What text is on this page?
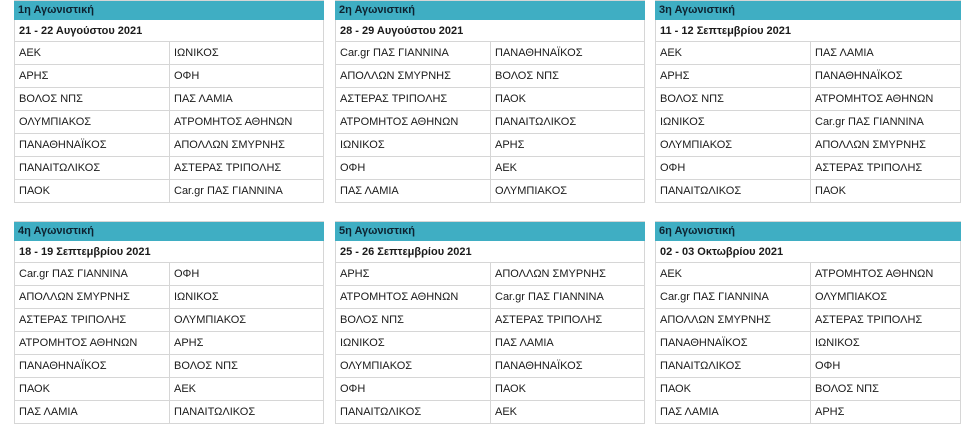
1η Αγωνιστική
21 - 22 Αυγούστου 2021
ΑΕΚ	ΙΩΝΙΚΟΣ
ΑΡΗΣ	ΟΦΗ
ΒΟΛΟΣ ΝΠΣ	ΠΑΣ ΛΑΜΙΑ
ΟΛΥΜΠΙΑΚΟΣ	ΑΤΡΟΜΗΤΟΣ ΑΘΗΝΩΝ
ΠΑΝΑΘΗΝΑΪΚΟΣ	ΑΠΟΛΛΩΝ ΣΜΥΡΝΗΣ
ΠΑΝΑΙΤΩΛΙΚΟΣ	ΑΣΤΕΡΑΣ ΤΡΙΠΟΛΗΣ
ΠΑΟΚ	Car.gr ΠΑΣ ΓΙΑΝΝΙΝΑ
2η Αγωνιστική
28 - 29 Αυγούστου 2021
Car.gr ΠΑΣ ΓΙΑΝΝΙΝΑ	ΠΑΝΑΘΗΝΑΪΚΟΣ
ΑΠΟΛΛΩΝ ΣΜΥΡΝΗΣ	ΒΟΛΟΣ ΝΠΣ
ΑΣΤΕΡΑΣ ΤΡΙΠΟΛΗΣ	ΠΑΟΚ
ΑΤΡΟΜΗΤΟΣ ΑΘΗΝΩΝ	ΠΑΝΑΙΤΩΛΙΚΟΣ
ΙΩΝΙΚΟΣ	ΑΡΗΣ
ΟΦΗ	ΑΕΚ
ΠΑΣ ΛΑΜΙΑ	ΟΛΥΜΠΙΑΚΟΣ
3η Αγωνιστική
11 - 12 Σεπτεμβρίου 2021
ΑΕΚ	ΠΑΣ ΛΑΜΙΑ
ΑΡΗΣ	ΠΑΝΑΘΗΝΑΪΚΟΣ
ΒΟΛΟΣ ΝΠΣ	ΑΤΡΟΜΗΤΟΣ ΑΘΗΝΩΝ
ΙΩΝΙΚΟΣ	Car.gr ΠΑΣ ΓΙΑΝΝΙΝΑ
ΟΛΥΜΠΙΑΚΟΣ	ΑΠΟΛΛΩΝ ΣΜΥΡΝΗΣ
ΟΦΗ	ΑΣΤΕΡΑΣ ΤΡΙΠΟΛΗΣ
ΠΑΝΑΙΤΩΛΙΚΟΣ	ΠΑΟΚ
4η Αγωνιστική
18 - 19 Σεπτεμβρίου 2021
Car.gr ΠΑΣ ΓΙΑΝΝΙΝΑ	ΟΦΗ
ΑΠΟΛΛΩΝ ΣΜΥΡΝΗΣ	ΙΩΝΙΚΟΣ
ΑΣΤΕΡΑΣ ΤΡΙΠΟΛΗΣ	ΟΛΥΜΠΙΑΚΟΣ
ΑΤΡΟΜΗΤΟΣ ΑΘΗΝΩΝ	ΑΡΗΣ
ΠΑΝΑΘΗΝΑΪΚΟΣ	ΒΟΛΟΣ ΝΠΣ
ΠΑΟΚ	ΑΕΚ
ΠΑΣ ΛΑΜΙΑ	ΠΑΝΑΙΤΩΛΙΚΟΣ
5η Αγωνιστική
25 - 26 Σεπτεμβρίου 2021
ΑΡΗΣ	ΑΠΟΛΛΩΝ ΣΜΥΡΝΗΣ
ΑΤΡΟΜΗΤΟΣ ΑΘΗΝΩΝ	Car.gr ΠΑΣ ΓΙΑΝΝΙΝΑ
ΒΟΛΟΣ ΝΠΣ	ΑΣΤΕΡΑΣ ΤΡΙΠΟΛΗΣ
ΙΩΝΙΚΟΣ	ΠΑΣ ΛΑΜΙΑ
ΟΛΥΜΠΙΑΚΟΣ	ΠΑΝΑΘΗΝΑΪΚΟΣ
ΟΦΗ	ΠΑΟΚ
ΠΑΝΑΙΤΩΛΙΚΟΣ	ΑΕΚ
6η Αγωνιστική
02 - 03 Οκτωβρίου 2021
ΑΕΚ	ΑΤΡΟΜΗΤΟΣ ΑΘΗΝΩΝ
Car.gr ΠΑΣ ΓΙΑΝΝΙΝΑ	ΟΛΥΜΠΙΑΚΟΣ
ΑΠΟΛΛΩΝ ΣΜΥΡΝΗΣ	ΑΣΤΕΡΑΣ ΤΡΙΠΟΛΗΣ
ΠΑΝΑΘΗΝΑΪΚΟΣ	ΙΩΝΙΚΟΣ
ΠΑΝΑΙΤΩΛΙΚΟΣ	ΟΦΗ
ΠΑΟΚ	ΒΟΛΟΣ ΝΠΣ
ΠΑΣ ΛΑΜΙΑ	ΑΡΗΣ
